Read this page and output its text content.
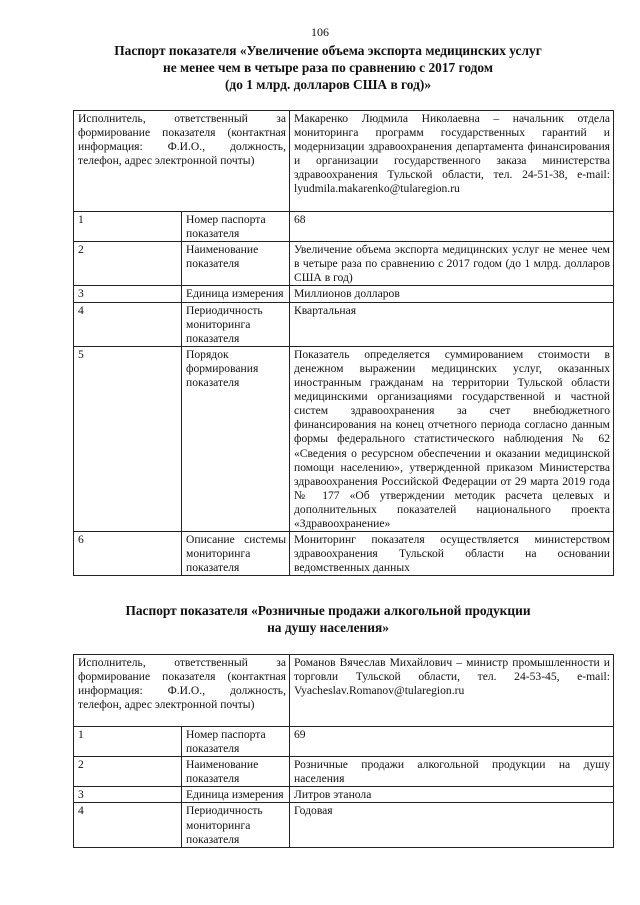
106
Паспорт показателя «Увеличение объема экспорта медицинских услуг
не менее чем в четыре раза по сравнению с 2017 годом
(до 1 млрд. долларов США в год)»
Исполнитель, ответственный за формирование показателя (контактная информация: Ф.И.О., должность, телефон, адрес электронной почты)		Макаренко Людмила Николаевна – начальник отдела мониторинга программ государственных гарантий и модернизации здравоохранения департамента финансирования и организации государственного заказа министерства здравоохранения Тульской области, тел. 24-51-38, e-mail: lyudmila.makarenko@tularegion.ru
1	Номер паспорта показателя	68
2	Наименование показателя	Увеличение объема экспорта медицинских услуг не менее чем в четыре раза по сравнению с 2017 годом (до 1 млрд. долларов США в год)
3	Единица измерения	Миллионов долларов
4	Периодичность мониторинга показателя	Квартальная
5	Порядок формирования показателя	Показатель определяется суммированием стоимости в денежном выражении медицинских услуг, оказанных иностранным гражданам на территории Тульской области медицинскими организациями государственной и частной систем здравоохранения за счет внебюджетного финансирования на конец отчетного периода согласно данным формы федерального статистического наблюдения № 62 «Сведения о ресурсном обеспечении и оказании медицинской помощи населению», утвержденной приказом Министерства здравоохранения Российской Федерации от 29 марта 2019 года № 177 «Об утверждении методик расчета целевых и дополнительных показателей национального проекта «Здравоохранение»
6	Описание системы мониторинга показателя	Мониторинг показателя осуществляется министерством здравоохранения Тульской области на основании ведомственных данных
Паспорт показателя «Розничные продажи алкогольной продукции
на душу населения»
Исполнитель, ответственный за формирование показателя (контактная информация: Ф.И.О., должность, телефон, адрес электронной почты)		Романов Вячеслав Михайлович – министр промышленности и торговли Тульской области, тел. 24-53-45, e-mail: Vyacheslav.Romanov@tularegion.ru
1	Номер паспорта показателя	69
2	Наименование показателя	Розничные продажи алкогольной продукции на душу населения
3	Единица измерения	Литров этанола
4	Периодичность мониторинга показателя	Годовая
